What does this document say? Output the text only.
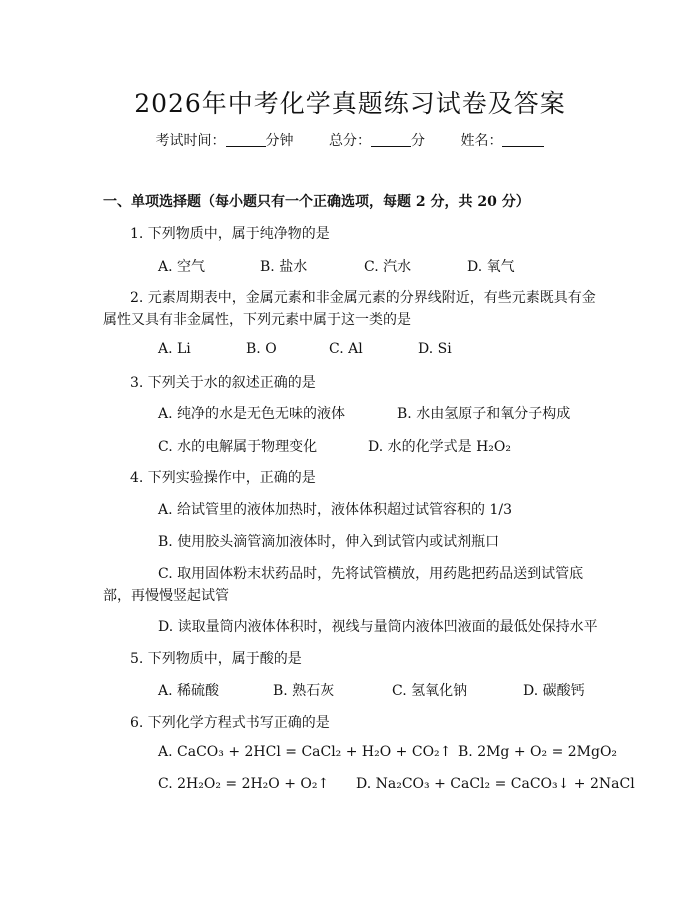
2026年中考化学真题练习试卷及答案
考试时间：	分钟	总分：	分	姓名：
一、单项选择题（每小题只有一个正确选项，每题 2 分，共 20 分）
1. 下列物质中，属于纯净物的是
A. 空气	B. 盐水	C. 汽水	D. 氧气
2. 元素周期表中，金属元素和非金属元素的分界线附近，有些元素既具有金
属性又具有非金属性，下列元素中属于这一类的是
A. Li	B. O	C. Al	D. Si
3. 下列关于水的叙述正确的是
A. 纯净的水是无色无味的液体	B. 水由氢原子和氧分子构成
C. 水的电解属于物理变化	D. 水的化学式是 H₂O₂
4. 下列实验操作中，正确的是
A. 给试管里的液体加热时，液体体积超过试管容积的 1/3
B. 使用胶头滴管滴加液体时，伸入到试管内或试剂瓶口
C. 取用固体粉末状药品时，先将试管横放，用药匙把药品送到试管底
部，再慢慢竖起试管
D. 读取量筒内液体体积时，视线与量筒内液体凹液面的最低处保持水平
5. 下列物质中，属于酸的是
A. 稀硫酸	B. 熟石灰	C. 氢氧化钠	D. 碳酸钙
6. 下列化学方程式书写正确的是
A. CaCO₃ + 2HCl = CaCl₂ + H₂O + CO₂↑ B. 2Mg + O₂ = 2MgO₂
C. 2H₂O₂ = 2H₂O + O₂↑ D. Na₂CO₃ + CaCl₂ = CaCO₃↓ + 2NaCl
